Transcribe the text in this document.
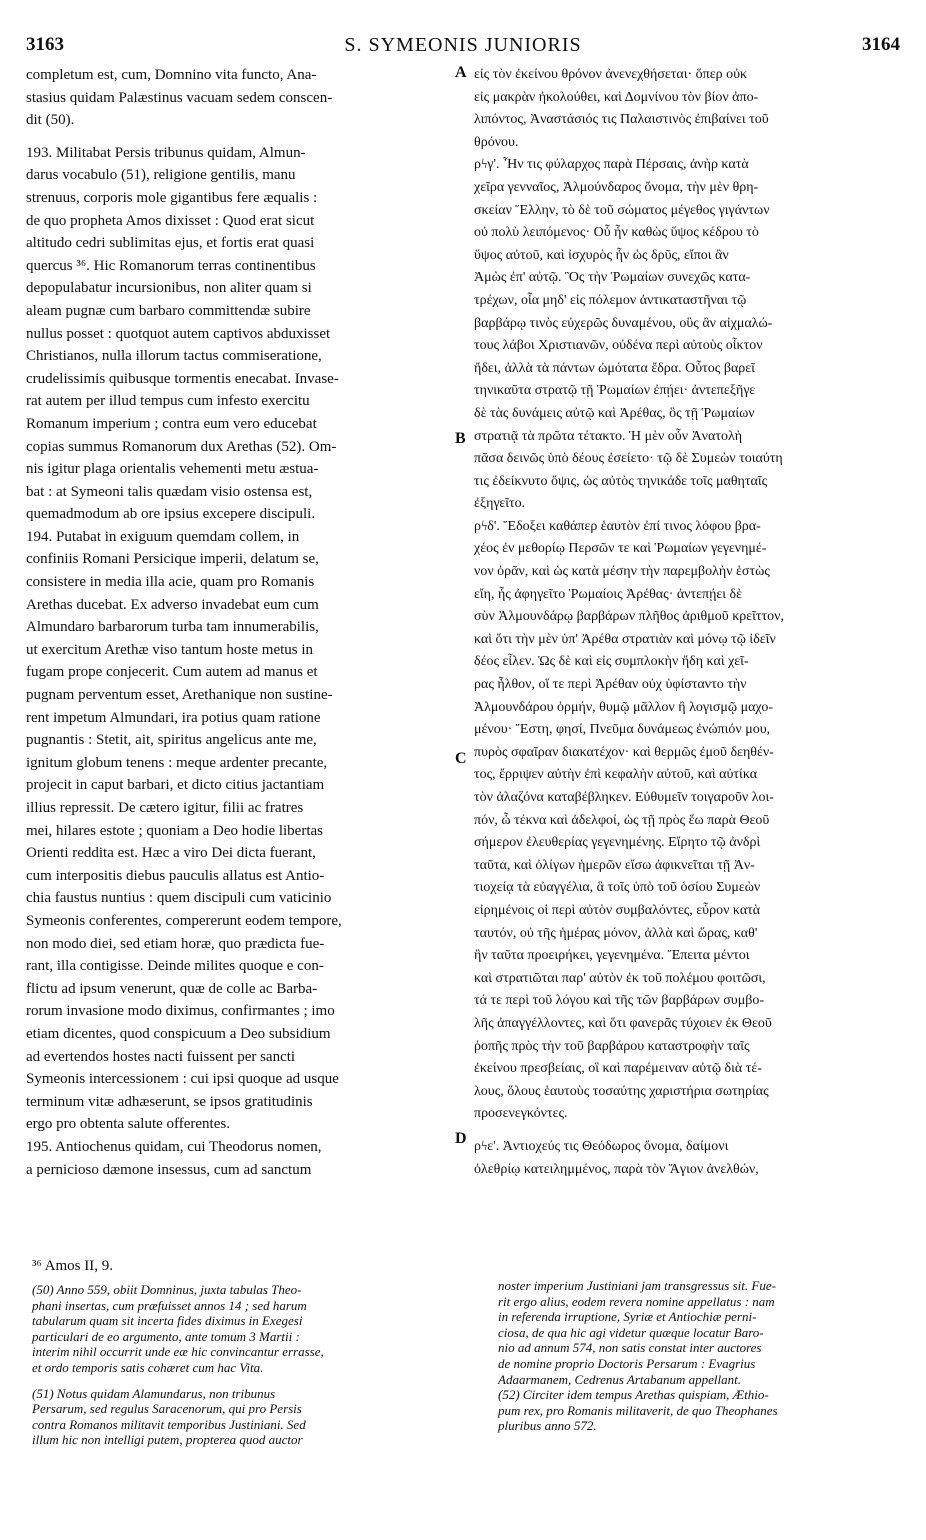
3163	S. SYMEONIS JUNIORIS	3164

completum est, cum, Domnino vita functo, Ana-

stasius quidam Palæstinus vacuam sedem conscen-

dit (50).

193. Militabat Persis tribunus quidam, Almun-

darus vocabulo (51), religione gentilis, manu

strenuus, corporis mole gigantibus fere æqualis :

de quo propheta Amos dixisset : Quod erat sicut

altitudo cedri sublimitas ejus, et fortis erat quasi

quercus ³⁶. Hic Romanorum terras continentibus

depopulabatur incursionibus, non aliter quam si

aleam pugnæ cum barbaro committendæ subire

nullus posset : quotquot autem captivos abduxisset

Christianos, nulla illorum tactus commiseratione,

crudelissimis quibusque tormentis enecabat. Invase-

rat autem per illud tempus cum infesto exercitu

Romanum imperium ; contra eum vero educebat

copias summus Romanorum dux Arethas (52). Om-

nis igitur plaga orientalis vehementi metu æstua-

bat : at Symeoni talis quædam visio ostensa est,

quemadmodum ab ore ipsius excepere discipuli.

194. Putabat in exiguum quemdam collem, in

confiniis Romani Persicique imperii, delatum se,

consistere in media illa acie, quam pro Romanis

Arethas ducebat. Ex adverso invadebat eum cum

Almundaro barbarorum turba tam innumerabilis,

ut exercitum Arethæ viso tantum hoste metus in

fugam prope conjecerit. Cum autem ad manus et

pugnam perventum esset, Arethanique non sustine-

rent impetum Almundari, ira potius quam ratione

pugnantis : Stetit, ait, spiritus angelicus ante me,

ignitum globum tenens : meque ardenter precante,

projecit in caput barbari, et dicto citius jactantiam

illius repressit. De cætero igitur, filii ac fratres

mei, hilares estote ; quoniam a Deo hodie libertas

Orienti reddita est. Hæc a viro Dei dicta fuerant,

cum interpositis diebus pauculis allatus est Antio-

chia faustus nuntius : quem discipuli cum vaticinio

Symeonis conferentes, compererunt eodem tempore,

non modo diei, sed etiam horæ, quo prædicta fue-

rant, illa contigisse. Deinde milites quoque e con-

flictu ad ipsum venerunt, quæ de colle ac Barba-

rorum invasione modo diximus, confirmantes ; imo

etiam dicentes, quod conspicuum a Deo subsidium

ad evertendos hostes nacti fuissent per sancti

Symeonis intercessionem : cui ipsi quoque ad usque

terminum vitæ adhæserunt, se ipsos gratitudinis

ergo pro obtenta salute offerentes.

195. Antiochenus quidam, cui Theodorus nomen,

a pernicioso dæmone insessus, cum ad sanctum

εἰς τὸν ἐκείνου θρόνον ἀνενεχθήσεται· ὅπερ οὐκ

εἰς μακρὰν ἠκολούθει, καὶ Δομνίνου τὸν βίον ἀπο-

λιπόντος, Ἀναστάσιός τις Παλαιστινὸς ἐπιβαίνει τοῦ

θρόνου.

ρϟγ'. Ἦν τις φύλαρχος παρὰ Πέρσαις, ἀνὴρ κατὰ

χεῖρα γενναῖος, Ἀλμούνδαρος ὄνομα, τὴν μὲν θρη-

σκείαν Ἕλλην, τὸ δὲ τοῦ σώματος μέγεθος γιγάντων

οὐ πολὺ λειπόμενος· Οὗ ἦν καθὼς ὕψος κέδρου τὸ

ὕψος αὐτοῦ, καὶ ἰσχυρὸς ἦν ὡς δρῦς, εἴποι ἂν

Ἀμὼς ἐπ' αὐτῷ. Ὃς τὴν Ῥωμαίων συνεχῶς κατα-

τρέχων, οἷα μηδ' εἰς πόλεμον ἀντικαταστῆναι τῷ

βαρβάρῳ τινὸς εὐχερῶς δυναμένου, οὓς ἂν αἰχμαλώ-

τους λάβοι Χριστιανῶν, οὐδένα περὶ αὐτοὺς οἶκτον

ἤδει, ἀλλὰ τὰ πάντων ὠμότατα ἔδρα. Οὗτος βαρεῖ

τηνικαῦτα στρατῷ τῇ Ῥωμαίων ἐπῄει· ἀντεπεξῆγε

δὲ τὰς δυνάμεις αὐτῷ καὶ Ἀρέθας, ὃς τῇ Ῥωμαίων

στρατιᾷ τὰ πρῶτα τέτακτο. Ἡ μὲν οὖν Ἀνατολὴ

πᾶσα δεινῶς ὑπὸ δέους ἐσείετο· τῷ δὲ Συμεὼν τοιαύτη

τις ἐδείκνυτο ὄψις, ὡς αὐτὸς τηνικάδε τοῖς μαθηταῖς

ἐξηγεῖτο.

ρϟδ'. Ἔδοξει καθάπερ ἑαυτὸν ἐπί τινος λόφου βρα-

χέος ἐν μεθορίῳ Περσῶν τε καὶ Ῥωμαίων γεγενημέ-

νον ὁρᾶν, καὶ ὡς κατὰ μέσην τὴν παρεμβολὴν ἑστὼς

εἴη, ἧς ἀφηγεῖτο Ῥωμαίοις Ἀρέθας· ἀντεπῄει δὲ

σὺν Ἀλμουνδάρῳ βαρβάρων πλῆθος ἀριθμοῦ κρεῖττον,

καὶ ὅτι τὴν μὲν ὑπ' Ἀρέθα στρατιὰν καὶ μόνῳ τῷ ἰδεῖν

δέος εἶλεν. Ὡς δὲ καὶ εἰς συμπλοκὴν ἤδη καὶ χεῖ-

ρας ἦλθον, οἵ τε περὶ Ἀρέθαν οὐχ ὑφίσταντο τὴν

Ἀλμουνδάρου ὁρμήν, θυμῷ μᾶλλον ἢ λογισμῷ μαχο-

μένου· Ἔστη, φησί, Πνεῦμα δυνάμεως ἐνώπιόν μου,

πυρὸς σφαῖραν διακατέχον· καὶ θερμῶς ἐμοῦ δεηθέν-

τος, ἔρριψεν αὐτὴν ἐπὶ κεφαλὴν αὐτοῦ, καὶ αὐτίκα

τὸν ἀλαζόνα καταβέβληκεν. Εὐθυμεῖν τοιγαροῦν λοι-

πόν, ὦ τέκνα καὶ ἀδελφοί, ὡς τῇ πρὸς ἕω παρὰ Θεοῦ

σήμερον ἐλευθερίας γεγενημένης. Εἴρητο τῷ ἀνδρὶ

ταῦτα, καὶ ὀλίγων ἡμερῶν εἴσω ἀφικνεῖται τῇ Ἀν-

τιοχείᾳ τὰ εὐαγγέλια, ἃ τοῖς ὑπὸ τοῦ ὁσίου Συμεὼν

εἰρημένοις οἱ περὶ αὐτὸν συμβαλόντες, εὗρον κατὰ

ταυτόν, οὐ τῆς ἡμέρας μόνον, ἀλλὰ καὶ ὥρας, καθ'

ἣν ταῦτα προειρήκει, γεγενημένα. Ἔπειτα μέντοι

καὶ στρατιῶται παρ' αὐτὸν ἐκ τοῦ πολέμου φοιτῶσι,

τά τε περὶ τοῦ λόγου καὶ τῆς τῶν βαρβάρων συμβο-

λῆς ἀπαγγέλλοντες, καὶ ὅτι φανερᾶς τύχοιεν ἐκ Θεοῦ

ῥοπῆς πρὸς τὴν τοῦ βαρβάρου καταστροφὴν ταῖς

ἐκείνου πρεσβείαις, οἳ καὶ παρέμειναν αὐτῷ διὰ τέ-

λους, ὅλους ἑαυτοὺς τοσαύτης χαριστήρια σωτηρίας

προσενεγκόντες.

ρϟε'. Ἀντιοχεύς τις Θεόδωρος ὄνομα, δαίμονι

ὀλεθρίῳ κατειλημμένος, παρὰ τὸν Ἅγιον ἀνελθών,

A
B
C
D
³⁶ Amos II, 9.

(50) Anno 559, obiit Domninus, juxta tabulas Theo-

phani insertas, cum præfuisset annos 14 ; sed harum

tabularum quam sit incerta fides diximus in Exegesi

particulari de eo argumento, ante tomum 3 Martii :

interim nihil occurrit unde eæ hic convincantur errasse,

et ordo temporis satis cohæret cum hac Vita.

(51) Notus quidam Alamundarus, non tribunus

Persarum, sed regulus Saracenorum, qui pro Persis

contra Romanos militavit temporibus Justiniani. Sed

illum hic non intelligi putem, propterea quod auctor

noster imperium Justiniani jam transgressus sit. Fue-

rit ergo alius, eodem revera nomine appellatus : nam

in referenda irruptione, Syriæ et Antiochiæ perni-

ciosa, de qua hic agi videtur quæque locatur Baro-

nio ad annum 574, non satis constat inter auctores

de nomine proprio Doctoris Persarum : Evagrius

Adaarmanem, Cedrenus Artabanum appellant.

(52) Circiter idem tempus Arethas quispiam, Æthio-

pum rex, pro Romanis militaverit, de quo Theophanes

pluribus anno 572.
